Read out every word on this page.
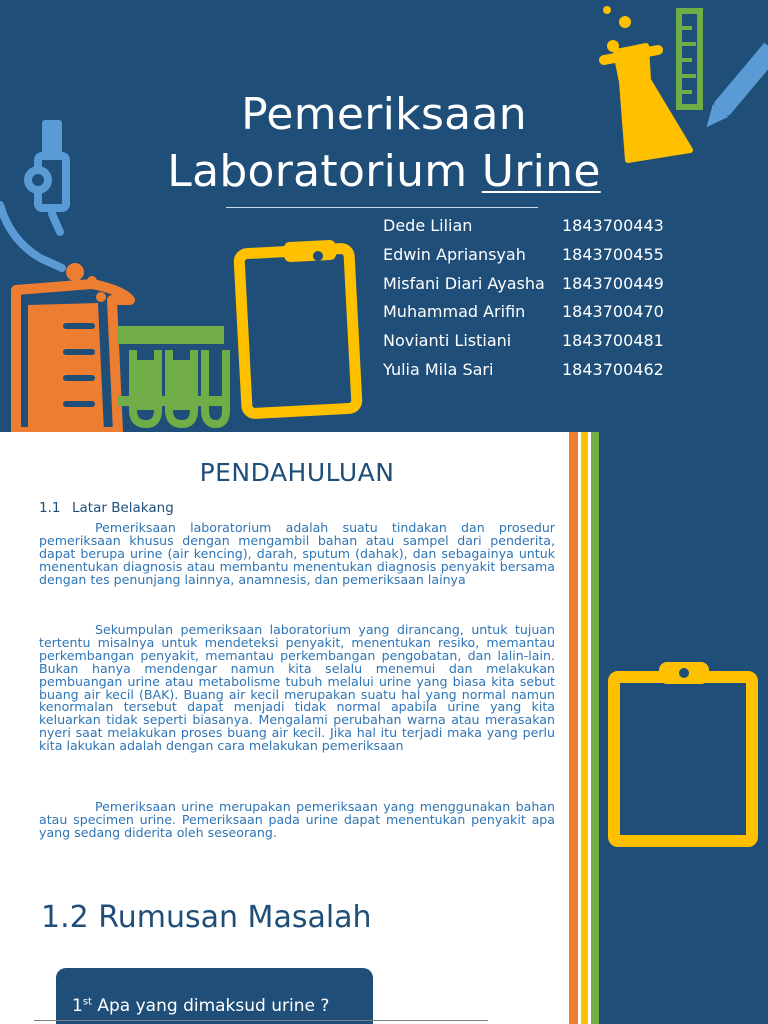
Pemeriksaan
Laboratorium Urine
Dede Lilian	1843700443
Edwin Apriansyah 1843700455
Misfani Diari Ayasha 1843700449
Muhammad Arifin 1843700470
Novianti Listiani	1843700481
Yulia Mila Sari	1843700462
PENDAHULUAN
1.1 Latar Belakang

Pemeriksaan laboratorium adalah suatu tindakan dan prosedur pemeriksaan khusus dengan mengambil bahan atau sampel dari penderita, dapat berupa urine (air kencing), darah, sputum (dahak), dan sebagainya untuk menentukan diagnosis atau membantu menentukan diagnosis penyakit bersama dengan tes penunjang lainnya, anamnesis, dan pemeriksaan lainya

Sekumpulan pemeriksaan laboratorium yang dirancang, untuk tujuan tertentu misalnya untuk mendeteksi penyakit, menentukan resiko, memantau perkembangan penyakit, memantau perkembangan pengobatan, dan lalin-lain. Bukan hanya mendengar namun kita selalu menemui dan melakukan pembuangan urine atau metabolisme tubuh melalui urine yang biasa kita sebut buang air kecil (BAK). Buang air kecil merupakan suatu hal yang normal namun kenormalan tersebut dapat menjadi tidak normal apabila urine yang kita keluarkan tidak seperti biasanya. Mengalami perubahan warna atau merasakan nyeri saat melakukan proses buang air kecil. Jika hal itu terjadi maka yang perlu kita lakukan adalah dengan cara melakukan pemeriksaan

Pemeriksaan urine merupakan pemeriksaan yang menggunakan bahan atau specimen urine. Pemeriksaan pada urine dapat menentukan penyakit apa yang sedang diderita oleh seseorang.

1.2 Rumusan Masalah
1st Apa yang dimaksud urine ?
